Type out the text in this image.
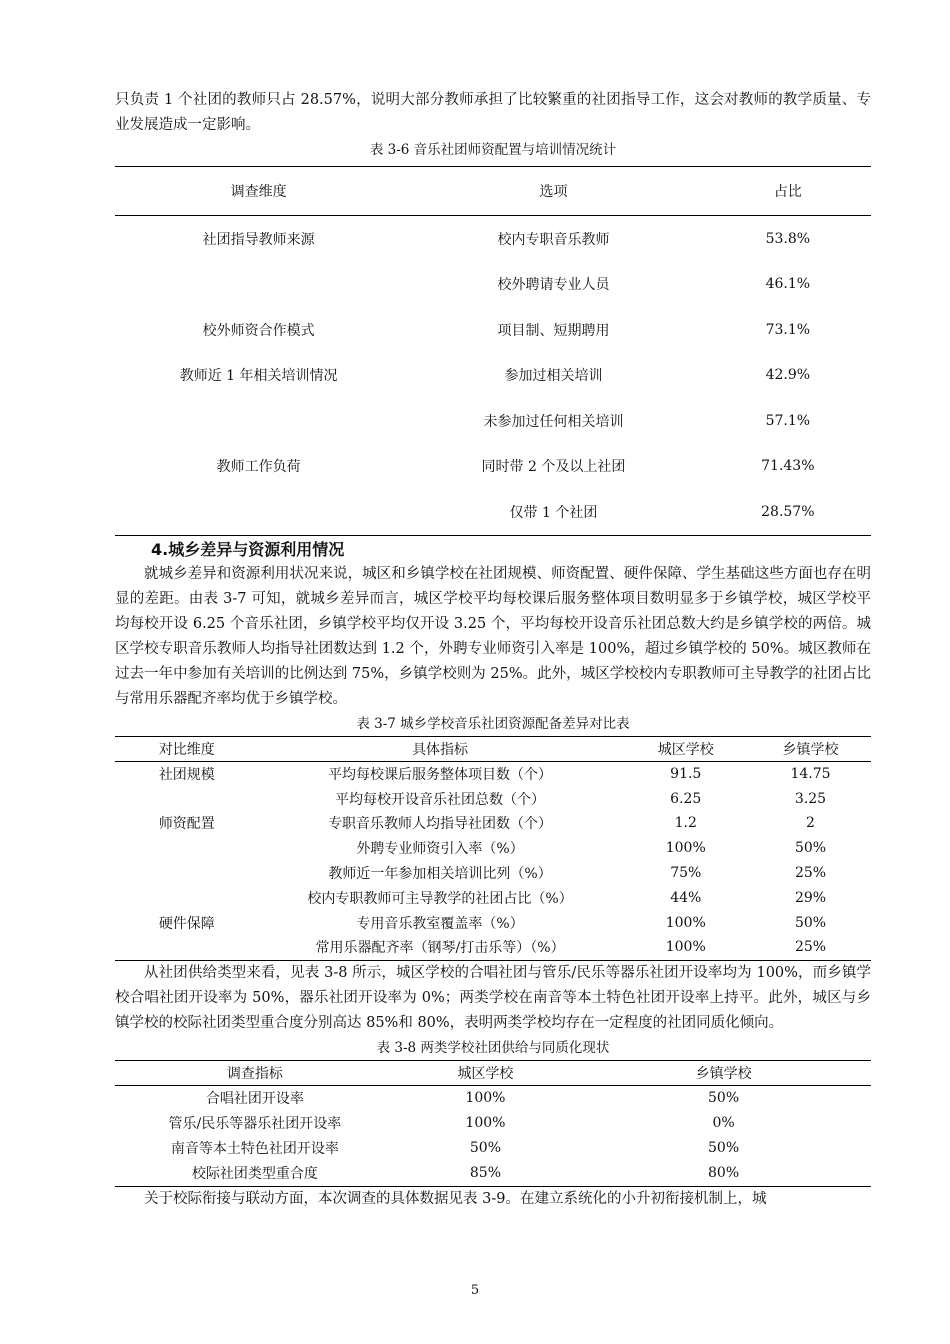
只负责 1 个社团的教师只占 28.57%，说明大部分教师承担了比较繁重的社团指导工作，这会对教师的教学质量、专业发展造成一定影响。

表 3-6 音乐社团师资配置与培训情况统计
调查维度	选项	占比
社团指导教师来源	校内专职音乐教师	53.8%
	校外聘请专业人员	46.1%
校外师资合作模式	项目制、短期聘用	73.1%
教师近 1 年相关培训情况	参加过相关培训	42.9%
	未参加过任何相关培训	57.1%
教师工作负荷	同时带 2 个及以上社团	71.43%
	仅带 1 个社团	28.57%
4.城乡差异与资源利用情况

就城乡差异和资源利用状况来说，城区和乡镇学校在社团规模、师资配置、硬件保障、学生基础这些方面也存在明显的差距。由表 3-7 可知，就城乡差异而言，城区学校平均每校课后服务整体项目数明显多于乡镇学校，城区学校平均每校开设 6.25 个音乐社团，乡镇学校平均仅开设 3.25 个，平均每校开设音乐社团总数大约是乡镇学校的两倍。城区学校专职音乐教师人均指导社团数达到 1.2 个，外聘专业师资引入率是 100%，超过乡镇学校的 50%。城区教师在过去一年中参加有关培训的比例达到 75%，乡镇学校则为 25%。此外，城区学校校内专职教师可主导教学的社团占比与常用乐器配齐率均优于乡镇学校。

表 3-7 城乡学校音乐社团资源配备差异对比表
对比维度	具体指标	城区学校	乡镇学校
社团规模	平均每校课后服务整体项目数（个）	91.5	14.75
	平均每校开设音乐社团总数（个）	6.25	3.25
师资配置	专职音乐教师人均指导社团数（个）	1.2	2
	外聘专业师资引入率（%）	100%	50%
	教师近一年参加相关培训比列（%）	75%	25%
	校内专职教师可主导教学的社团占比（%）	44%	29%
硬件保障	专用音乐教室覆盖率（%）	100%	50%
	常用乐器配齐率（钢琴/打击乐等）（%）	100%	25%

从社团供给类型来看，见表 3-8 所示，城区学校的合唱社团与管乐/民乐等器乐社团开设率均为 100%，而乡镇学校合唱社团开设率为 50%，器乐社团开设率为 0%；两类学校在南音等本土特色社团开设率上持平。此外，城区与乡镇学校的校际社团类型重合度分别高达 85%和 80%，表明两类学校均存在一定程度的社团同质化倾向。

表 3-8 两类学校社团供给与同质化现状
调查指标	城区学校	乡镇学校
合唱社团开设率	100%	50%
管乐/民乐等器乐社团开设率	100%	0%
南音等本土特色社团开设率	50%	50%
校际社团类型重合度	85%	80%

关于校际衔接与联动方面，本次调查的具体数据见表 3-9。在建立系统化的小升初衔接机制上，城

5
